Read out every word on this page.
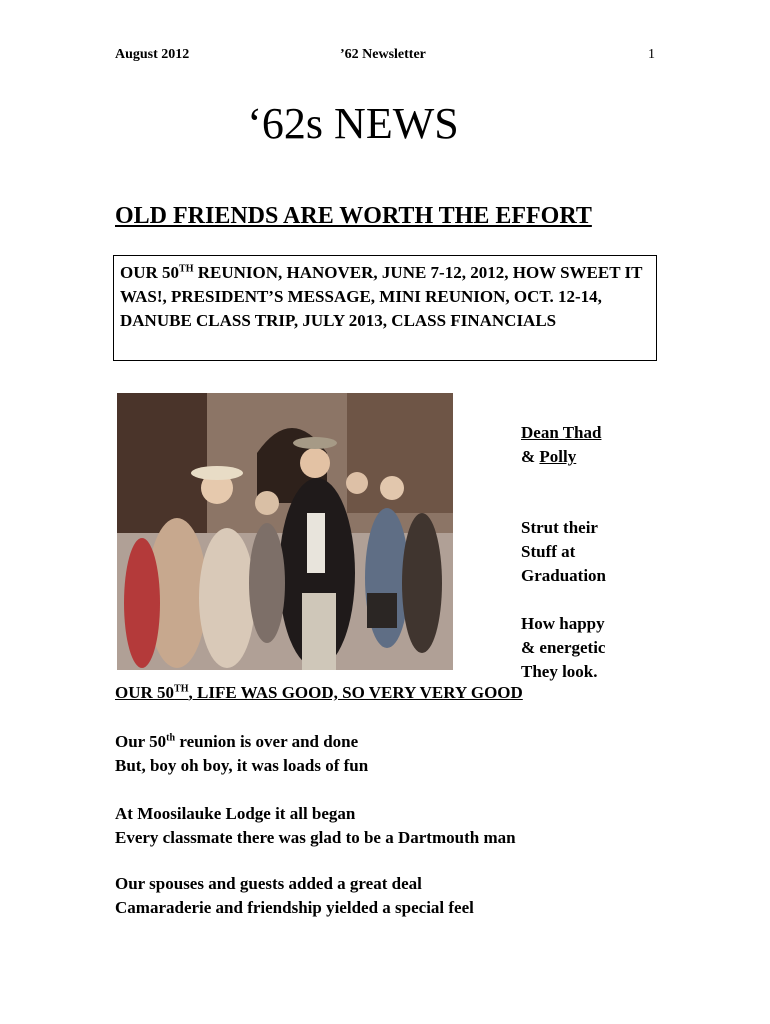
August 2012	’62 Newsletter	1
‘62s NEWS
OLD FRIENDS ARE WORTH THE EFFORT
OUR 50TH REUNION, HANOVER, JUNE 7-12, 2012, HOW SWEET IT WAS!, PRESIDENT’S MESSAGE, MINI REUNION, OCT. 12-14, DANUBE CLASS TRIP, JULY 2013, CLASS FINANCIALS
Dean Thad
& Polly
Strut their
Stuff at
Graduation
How happy
& energetic
They look.
OUR 50TH, LIFE WAS GOOD, SO VERY VERY GOOD
Our 50th reunion is over and done
But, boy oh boy, it was loads of fun
At Moosilauke Lodge it all began
Every classmate there was glad to be a Dartmouth man
Our spouses and guests added a great deal
Camaraderie and friendship yielded a special feel
